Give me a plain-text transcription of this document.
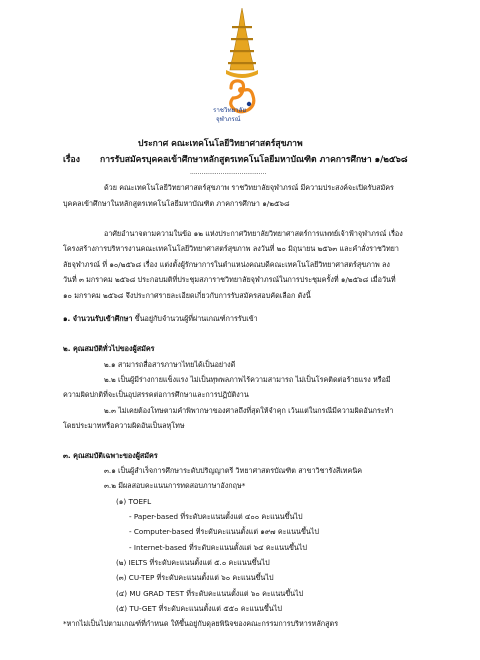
ราชวิทยาลัย
จุฬาภรณ์
ประกาศ คณะเทคโนโลยีวิทยาศาสตร์สุขภาพ
เรื่อง การรับสมัครบุคคลเข้าศึกษาหลักสูตรเทคโนโลยีมหาบัณฑิต ภาคการศึกษา ๑/๒๕๖๘
........................................
ด้วย คณะเทคโนโลยีวิทยาศาสตร์สุขภาพ ราชวิทยาลัยจุฬาภรณ์ มีความประสงค์จะเปิดรับสมัคร
บุคคลเข้าศึกษาในหลักสูตรเทคโนโลยีมหาบัณฑิต ภาคการศึกษา ๑/๒๕๖๘
อาศัยอำนาจตามความในข้อ ๑๒ แห่งประกาศวิทยาลัยวิทยาศาสตร์การแพทย์เจ้าฟ้าจุฬาภรณ์ เรื่อง
โครงสร้างการบริหารงานคณะเทคโนโลยีวิทยาศาสตร์สุขภาพ ลงวันที่ ๒๐ มิถุนายน ๒๕๖๓ และคำสั่งราชวิทยา
ลัยจุฬาภรณ์ ที่ ๑๐/๒๕๖๘ เรื่อง แต่งตั้งผู้รักษาการในตำแหน่งคณบดีคณะเทคโนโลยีวิทยาศาสตร์สุขภาพ ลง
วันที่ ๓ มกราคม ๒๕๖๘ ประกอบมติที่ประชุมสภาราชวิทยาลัยจุฬาภรณ์ในการประชุมครั้งที่ ๑/๒๕๖๘ เมื่อวันที่
๑๐ มกราคม ๒๕๖๘ จึงประกาศรายละเอียดเกี่ยวกับการรับสมัครสอบคัดเลือก ดังนี้
๑. จำนวนรับเข้าศึกษา ขึ้นอยู่กับจำนวนผู้ที่ผ่านเกณฑ์การรับเข้า
๒. คุณสมบัติทั่วไปของผู้สมัคร
๒.๑ สามารถสื่อสารภาษาไทยได้เป็นอย่างดี
๒.๒ เป็นผู้มีร่างกายแข็งแรง ไม่เป็นทุพพลภาพไร้ความสามารถ ไม่เป็นโรคติดต่อร้ายแรง หรือมี
ความผิดปกติที่จะเป็นอุปสรรคต่อการศึกษาและการปฏิบัติงาน
๒.๓ ไม่เคยต้องโทษตามคำพิพากษาของศาลถึงที่สุดให้จำคุก เว้นแต่ในกรณีมีความผิดอันกระทำ
โดยประมาทหรือความผิดอันเป็นลหุโทษ
๓. คุณสมบัติเฉพาะของผู้สมัคร
๓.๑ เป็นผู้สำเร็จการศึกษาระดับปริญญาตรี วิทยาศาสตรบัณฑิต สาขาวิชารังสีเทคนิค
๓.๒ มีผลสอบคะแนนการทดสอบภาษาอังกฤษ*
(๑) TOEFL
- Paper-based ที่ระดับคะแนนตั้งแต่ ๔๐๐ คะแนนขึ้นไป
- Computer-based ที่ระดับคะแนนตั้งแต่ ๑๙๗ คะแนนขึ้นไป
- Internet-based ที่ระดับคะแนนตั้งแต่ ๖๔ คะแนนขึ้นไป
(๒) IELTS ที่ระดับคะแนนตั้งแต่ ๕.๐ คะแนนขึ้นไป
(๓) CU-TEP ที่ระดับคะแนนตั้งแต่ ๖๐ คะแนนขึ้นไป
(๔) MU GRAD TEST ที่ระดับคะแนนตั้งแต่ ๖๐ คะแนนขึ้นไป
(๕) TU-GET ที่ระดับคะแนนตั้งแต่ ๕๕๐ คะแนนขึ้นไป
*หากไม่เป็นไปตามเกณฑ์ที่กำหนด ให้ขึ้นอยู่กับดุลยพินิจของคณะกรรมการบริหารหลักสูตร
